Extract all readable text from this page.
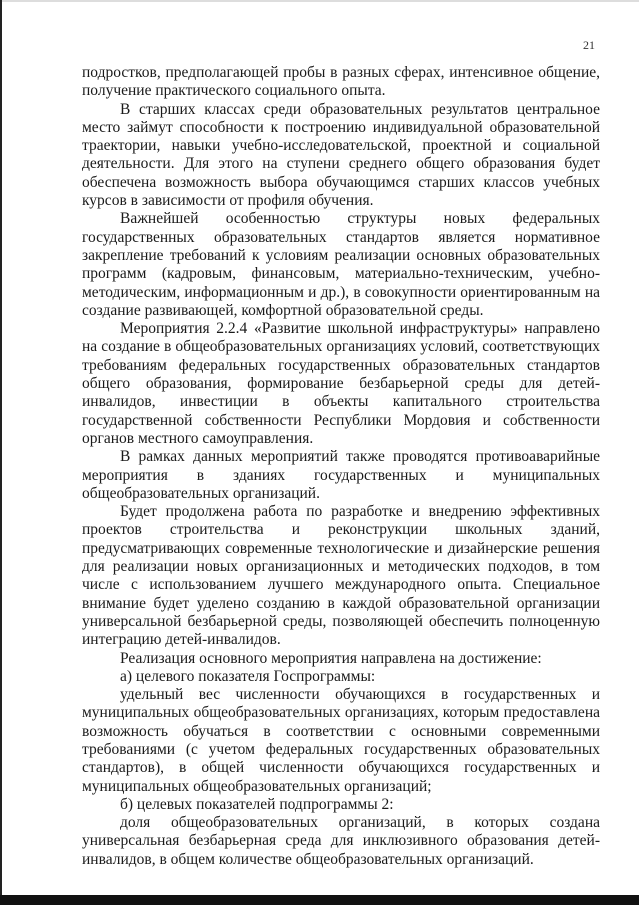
21

подростков, предполагающей пробы в разных сферах, интенсивное общение, получение практического социального опыта.

В старших классах среди образовательных результатов центральное место займут способности к построению индивидуальной образовательной траектории, навыки учебно-исследовательской, проектной и социальной деятельности. Для этого на ступени среднего общего образования будет обеспечена возможность выбора обучающимся старших классов учебных курсов в зависимости от профиля обучения.

Важнейшей особенностью структуры новых федеральных государственных образовательных стандартов является нормативное закрепление требований к условиям реализации основных образовательных программ (кадровым, финансовым, материально-техническим, учебно-методическим, информационным и др.), в совокупности ориентированным на создание развивающей, комфортной образовательной среды.

Мероприятия 2.2.4 «Развитие школьной инфраструктуры» направлено на создание в общеобразовательных организациях условий, соответствующих требованиям федеральных государственных образовательных стандартов общего образования, формирование безбарьерной среды для детей-инвалидов, инвестиции в объекты капитального строительства государственной собственности Республики Мордовия и собственности органов местного самоуправления.

В рамках данных мероприятий также проводятся противоаварийные мероприятия в зданиях государственных и муниципальных общеобразовательных организаций.

Будет продолжена работа по разработке и внедрению эффективных проектов строительства и реконструкции школьных зданий, предусматривающих современные технологические и дизайнерские решения для реализации новых организационных и методических подходов, в том числе с использованием лучшего международного опыта. Специальное внимание будет уделено созданию в каждой образовательной организации универсальной безбарьерной среды, позволяющей обеспечить полноценную интеграцию детей-инвалидов.

Реализация основного мероприятия направлена на достижение:

а) целевого показателя Госпрограммы:

удельный вес численности обучающихся в государственных и муниципальных общеобразовательных организациях, которым предоставлена возможность обучаться в соответствии с основными современными требованиями (с учетом федеральных государственных образовательных стандартов), в общей численности обучающихся государственных и муниципальных общеобразовательных организаций;

б) целевых показателей подпрограммы 2:

доля общеобразовательных организаций, в которых создана универсальная безбарьерная среда для инклюзивного образования детей-инвалидов, в общем количестве общеобразовательных организаций.
